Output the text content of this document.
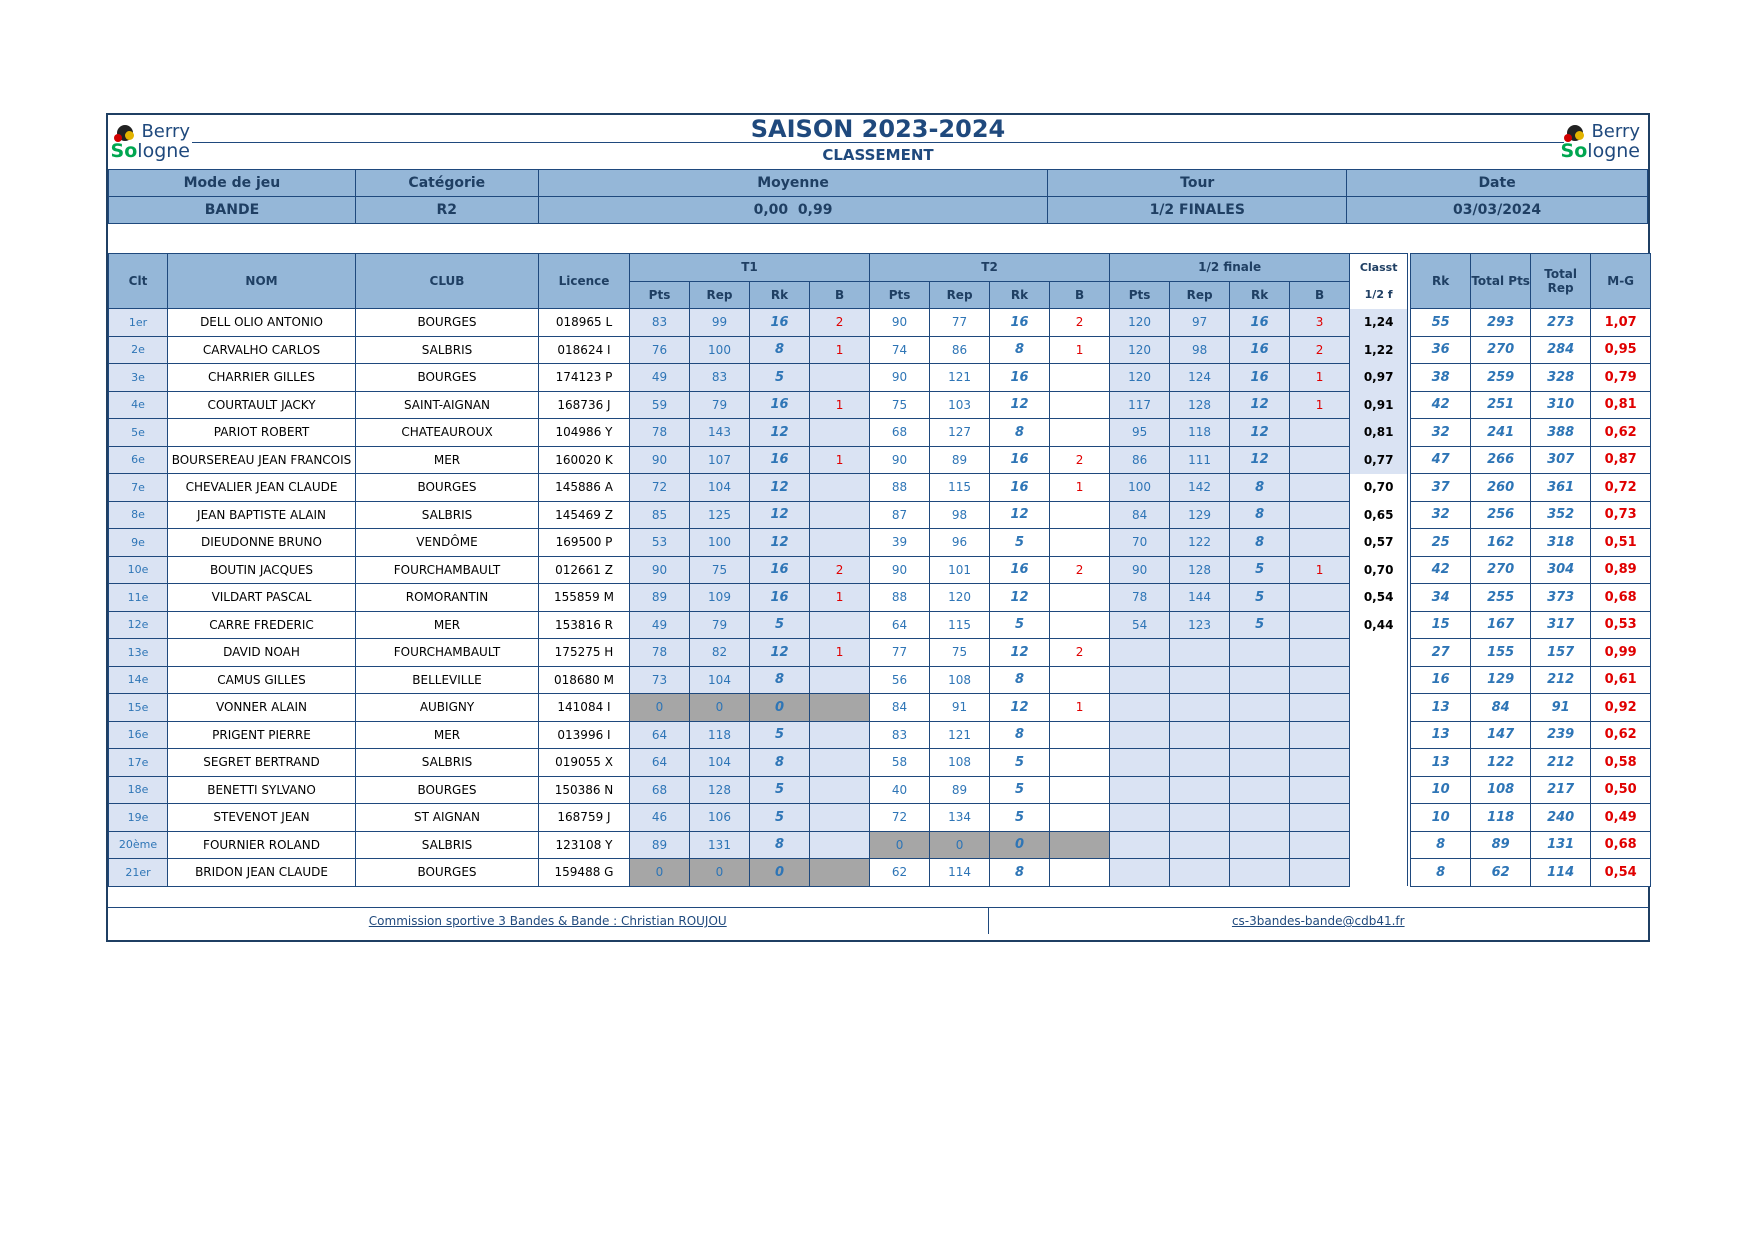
Berry
Sologne
Berry
Sologne
SAISON 2023-2024
CLASSEMENT
Mode de jeu	Catégorie	Moyenne	Tour	Date
BANDE	R2	0,00  0,99	1/2 FINALES	03/03/2024
Clt	NOM	CLUB	Licence	T1				T2				1/2 finale				Classt		Rk	Total Pts	Total Rep	M-G
				Pts	Rep	Rk	B	Pts	Rep	Rk	B	Pts	Rep	Rk	B	1/2 f					
1er	DELL OLIO ANTONIO	BOURGES	018965 L	83	99	16	2	90	77	16	2	120	97	16	3	1,24		55	293	273	1,07
2e	CARVALHO CARLOS	SALBRIS	018624 I	76	100	8	1	74	86	8	1	120	98	16	2	1,22		36	270	284	0,95
3e	CHARRIER GILLES	BOURGES	174123 P	49	83	5		90	121	16		120	124	16	1	0,97		38	259	328	0,79
4e	COURTAULT JACKY	SAINT-AIGNAN	168736 J	59	79	16	1	75	103	12		117	128	12	1	0,91		42	251	310	0,81
5e	PARIOT ROBERT	CHATEAUROUX	104986 Y	78	143	12		68	127	8		95	118	12		0,81		32	241	388	0,62
6e	BOURSEREAU JEAN FRANCOIS	MER	160020 K	90	107	16	1	90	89	16	2	86	111	12		0,77		47	266	307	0,87
7e	CHEVALIER JEAN CLAUDE	BOURGES	145886 A	72	104	12		88	115	16	1	100	142	8		0,70		37	260	361	0,72
8e	JEAN BAPTISTE ALAIN	SALBRIS	145469 Z	85	125	12		87	98	12		84	129	8		0,65		32	256	352	0,73
9e	DIEUDONNE BRUNO	VENDÔME	169500 P	53	100	12		39	96	5		70	122	8		0,57		25	162	318	0,51
10e	BOUTIN JACQUES	FOURCHAMBAULT	012661 Z	90	75	16	2	90	101	16	2	90	128	5	1	0,70		42	270	304	0,89
11e	VILDART PASCAL	ROMORANTIN	155859 M	89	109	16	1	88	120	12		78	144	5		0,54		34	255	373	0,68
12e	CARRE FREDERIC	MER	153816 R	49	79	5		64	115	5		54	123	5		0,44		15	167	317	0,53
13e	DAVID NOAH	FOURCHAMBAULT	175275 H	78	82	12	1	77	75	12	2							27	155	157	0,99
14e	CAMUS GILLES	BELLEVILLE	018680 M	73	104	8		56	108	8								16	129	212	0,61
15e	VONNER ALAIN	AUBIGNY	141084 I	0	0	0		84	91	12	1							13	84	91	0,92
16e	PRIGENT PIERRE	MER	013996 I	64	118	5		83	121	8								13	147	239	0,62
17e	SEGRET BERTRAND	SALBRIS	019055 X	64	104	8		58	108	5								13	122	212	0,58
18e	BENETTI SYLVANO	BOURGES	150386 N	68	128	5		40	89	5								10	108	217	0,50
19e	STEVENOT JEAN	ST AIGNAN	168759 J	46	106	5		72	134	5								10	118	240	0,49
20ème	FOURNIER ROLAND	SALBRIS	123108 Y	89	131	8		0	0	0								8	89	131	0,68
21er	BRIDON JEAN CLAUDE	BOURGES	159488 G	0	0	0		62	114	8								8	62	114	0,54
Commission sportive 3 Bandes & Bande : Christian ROUJOU	cs-3bandes-bande@cdb41.fr
